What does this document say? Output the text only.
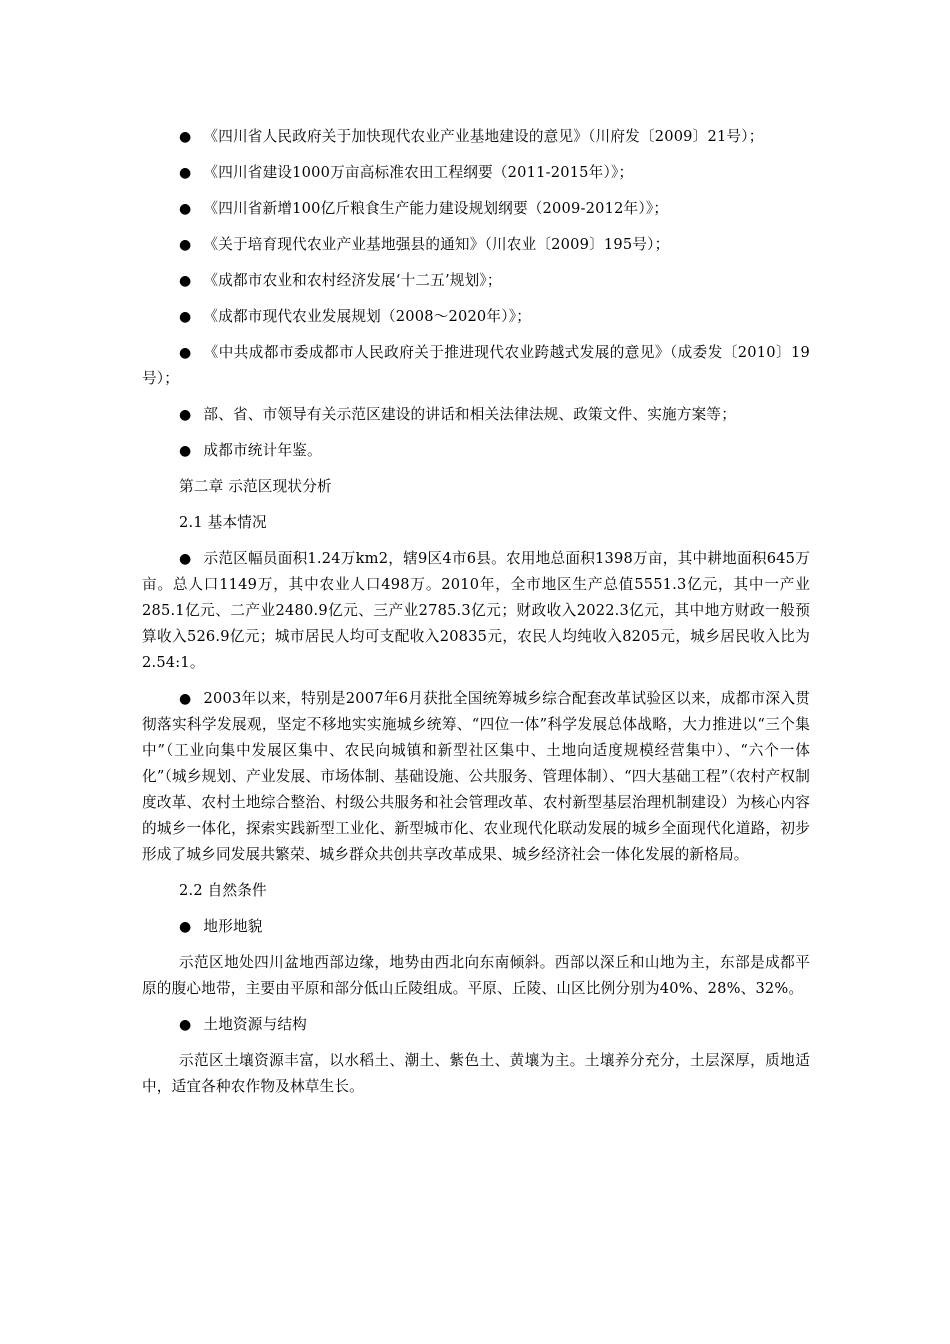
● 《四川省人民政府关于加快现代农业产业基地建设的意见》（川府发〔2009〕21号）；

● 《四川省建设1000万亩高标准农田工程纲要（2011-2015年）》；

● 《四川省新增100亿斤粮食生产能力建设规划纲要（2009-2012年）》；

● 《关于培育现代农业产业基地强县的通知》（川农业〔2009〕195号）；

● 《成都市农业和农村经济发展‘十二五’规划》；

● 《成都市现代农业发展规划（2008～2020年）》；

● 《中共成都市委成都市人民政府关于推进现代农业跨越式发展的意见》（成委发〔2010〕19号）；

● 部、省、市领导有关示范区建设的讲话和相关法律法规、政策文件、实施方案等；

● 成都市统计年鉴。

第二章 示范区现状分析

2.1 基本情况

● 示范区幅员面积1.24万km2，辖9区4市6县。农用地总面积1398万亩，其中耕地面积645万亩。总人口1149万，其中农业人口498万。2010年，全市地区生产总值5551.3亿元，其中一产业285.1亿元、二产业2480.9亿元、三产业2785.3亿元；财政收入2022.3亿元，其中地方财政一般预算收入526.9亿元；城市居民人均可支配收入20835元，农民人均纯收入8205元，城乡居民收入比为2.54:1。

● 2003年以来，特别是2007年6月获批全国统筹城乡综合配套改革试验区以来，成都市深入贯彻落实科学发展观，坚定不移地实实施城乡统筹、“四位一体”科学发展总体战略，大力推进以“三个集中”（工业向集中发展区集中、农民向城镇和新型社区集中、土地向适度规模经营集中）、“六个一体化”（城乡规划、产业发展、市场体制、基础设施、公共服务、管理体制）、“四大基础工程”（农村产权制度改革、农村土地综合整治、村级公共服务和社会管理改革、农村新型基层治理机制建设）为核心内容的城乡一体化，探索实践新型工业化、新型城市化、农业现代化联动发展的城乡全面现代化道路，初步形成了城乡同发展共繁荣、城乡群众共创共享改革成果、城乡经济社会一体化发展的新格局。

2.2 自然条件

● 地形地貌

示范区地处四川盆地西部边缘，地势由西北向东南倾斜。西部以深丘和山地为主，东部是成都平原的腹心地带，主要由平原和部分低山丘陵组成。平原、丘陵、山区比例分别为40%、28%、32%。

● 土地资源与结构

示范区土壤资源丰富，以水稻土、潮土、紫色土、黄壤为主。土壤养分充分，土层深厚，质地适中，适宜各种农作物及林草生长。
